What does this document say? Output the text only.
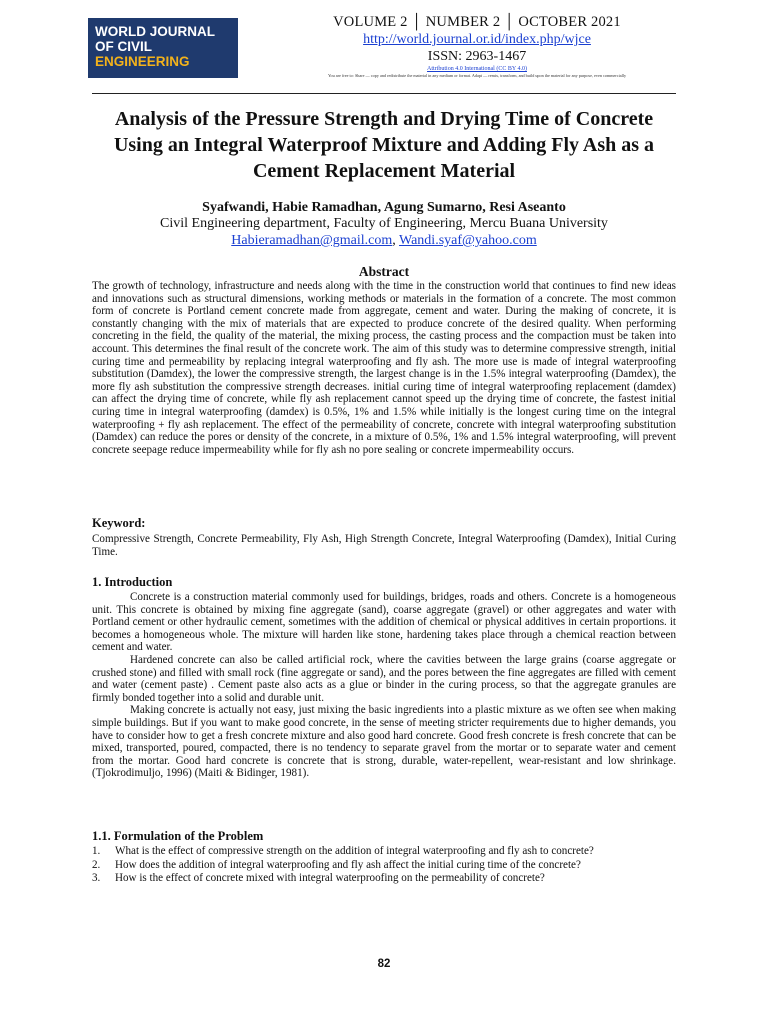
WORLD JOURNAL
OF CIVIL
ENGINEERING
VOLUME 2 │ NUMBER 2 │ OCTOBER 2021
http://world.journal.or.id/index.php/wjce
ISSN: 2963-1467
Attribution 4.0 International (CC BY 4.0)
You are free to: Share — copy and redistribute the material in any medium or format. Adapt — remix, transform, and build upon the material for any purpose, even commercially
Analysis of the Pressure Strength and Drying Time of Concrete Using an Integral Waterproof Mixture and Adding Fly Ash as a Cement Replacement Material
Syafwandi, Habie Ramadhan, Agung Sumarno, Resi Aseanto
Civil Engineering department, Faculty of Engineering, Mercu Buana University
Habieramadhan@gmail.com, Wandi.syaf@yahoo.com
Abstract
The growth of technology, infrastructure and needs along with the time in the construction world that continues to find new ideas and innovations such as structural dimensions, working methods or materials in the formation of a concrete. The most common form of concrete is Portland cement concrete made from aggregate, cement and water. During the making of concrete, it is constantly changing with the mix of materials that are expected to produce concrete of the desired quality. When performing concreting in the field, the quality of the material, the mixing process, the casting process and the compaction must be taken into account. This determines the final result of the concrete work. The aim of this study was to determine compressive strength, initial curing time and permeability by replacing integral waterproofing and fly ash. The more use is made of integral waterproofing substitution (Damdex), the lower the compressive strength, the largest change is in the 1.5% integral waterproofing (Damdex), the more fly ash substitution the compressive strength decreases. initial curing time of integral waterproofing replacement (damdex) can affect the drying time of concrete, while fly ash replacement cannot speed up the drying time of concrete, the fastest initial curing time in integral waterproofing (damdex) is 0.5%, 1% and 1.5% while initially is the longest curing time on the integral waterproofing + fly ash replacement. The effect of the permeability of concrete, concrete with integral waterproofing substitution (Damdex) can reduce the pores or density of the concrete, in a mixture of 0.5%, 1% and 1.5% integral waterproofing, will prevent concrete seepage reduce impermeability while for fly ash no pore sealing or concrete impermeability occurs.
Keyword:
Compressive Strength, Concrete Permeability, Fly Ash, High Strength Concrete, Integral Waterproofing (Damdex), Initial Curing Time.
1. Introduction

Concrete is a construction material commonly used for buildings, bridges, roads and others. Concrete is a homogeneous unit. This concrete is obtained by mixing fine aggregate (sand), coarse aggregate (gravel) or other aggregates and water with Portland cement or other hydraulic cement, sometimes with the addition of chemical or physical additives in certain proportions. it becomes a homogeneous whole. The mixture will harden like stone, hardening takes place through a chemical reaction between cement and water.

Hardened concrete can also be called artificial rock, where the cavities between the large grains (coarse aggregate or crushed stone) and filled with small rock (fine aggregate or sand), and the pores between the fine aggregates are filled with cement and water (cement paste) . Cement paste also acts as a glue or binder in the curing process, so that the aggregate granules are firmly bonded together into a solid and durable unit.

Making concrete is actually not easy, just mixing the basic ingredients into a plastic mixture as we often see when making simple buildings. But if you want to make good concrete, in the sense of meeting stricter requirements due to higher demands, you have to consider how to get a fresh concrete mixture and also good hard concrete. Good fresh concrete is fresh concrete that can be mixed, transported, poured, compacted, there is no tendency to separate gravel from the mortar or to separate water and cement from the mortar. Good hard concrete is concrete that is strong, durable, water-repellent, wear-resistant and low shrinkage. (Tjokrodimuljo, 1996) (Maiti & Bidinger, 1981).

1.1. Formulation of the Problem
1.	What is the effect of compressive strength on the addition of integral waterproofing and fly ash to concrete?
2.	How does the addition of integral waterproofing and fly ash affect the initial curing time of the concrete?
3.	How is the effect of concrete mixed with integral waterproofing on the permeability of concrete?
82
